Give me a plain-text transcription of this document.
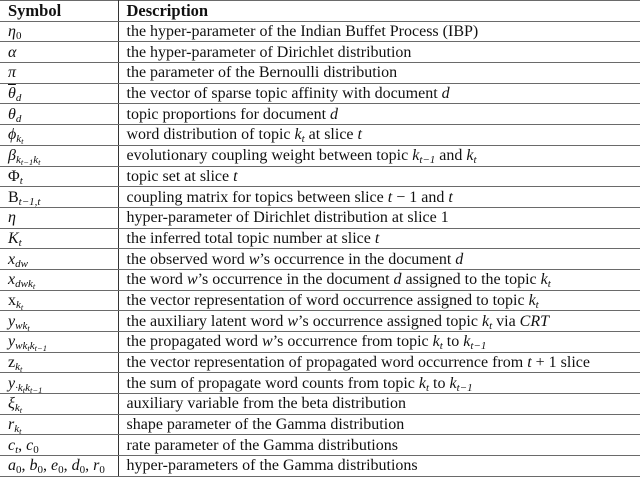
Symbol	Description
$\eta_0$	the hyper-parameter of the Indian Buffet Process (IBP)
α	the hyper-parameter of Dirichlet distribution
π	the parameter of the Bernoulli distribution
$\overline{\theta}_d$	the vector of sparse topic affinity with document d
$\theta_d$	topic proportions for document d
$\phi_{k_t}$	word distribution of topic $k_t$ at slice t
$\beta_{k_{t-1}k_t}$	evolutionary coupling weight between topic $k_{t-1}$ and $k_t$
$\Phi_t$	topic set at slice t
$B_{t-1,t}$	coupling matrix for topics between slice t − 1 and t
η	hyper-parameter of Dirichlet distribution at slice 1
$K_t$	the inferred total topic number at slice t
$x_{dw}$	the observed word w’s occurrence in the document d
$x_{dwk_t}$	the word w’s occurrence in the document d assigned to the topic $k_t$
$x_{k_t}$	the vector representation of word occurrence assigned to topic $k_t$
$y_{wk_t}$	the auxiliary latent word w’s occurrence assigned topic $k_t$ via CRT
$y_{wk_tk_{t-1}}$	the propagated word w’s occurrence from topic $k_t$ to $k_{t-1}$
$z_{k_t}$	the vector representation of propagated word occurrence from t + 1 slice
$y_{\cdot k_tk_{t-1}}$	the sum of propagate word counts from topic $k_t$ to $k_{t-1}$
$\xi_{k_t}$	auxiliary variable from the beta distribution
$r_{k_t}$	shape parameter of the Gamma distribution
$c_t$, $c_0$	rate parameter of the Gamma distributions
$a_0$, $b_0$, $e_0$, $d_0$, $r_0$	hyper-parameters of the Gamma distributions
